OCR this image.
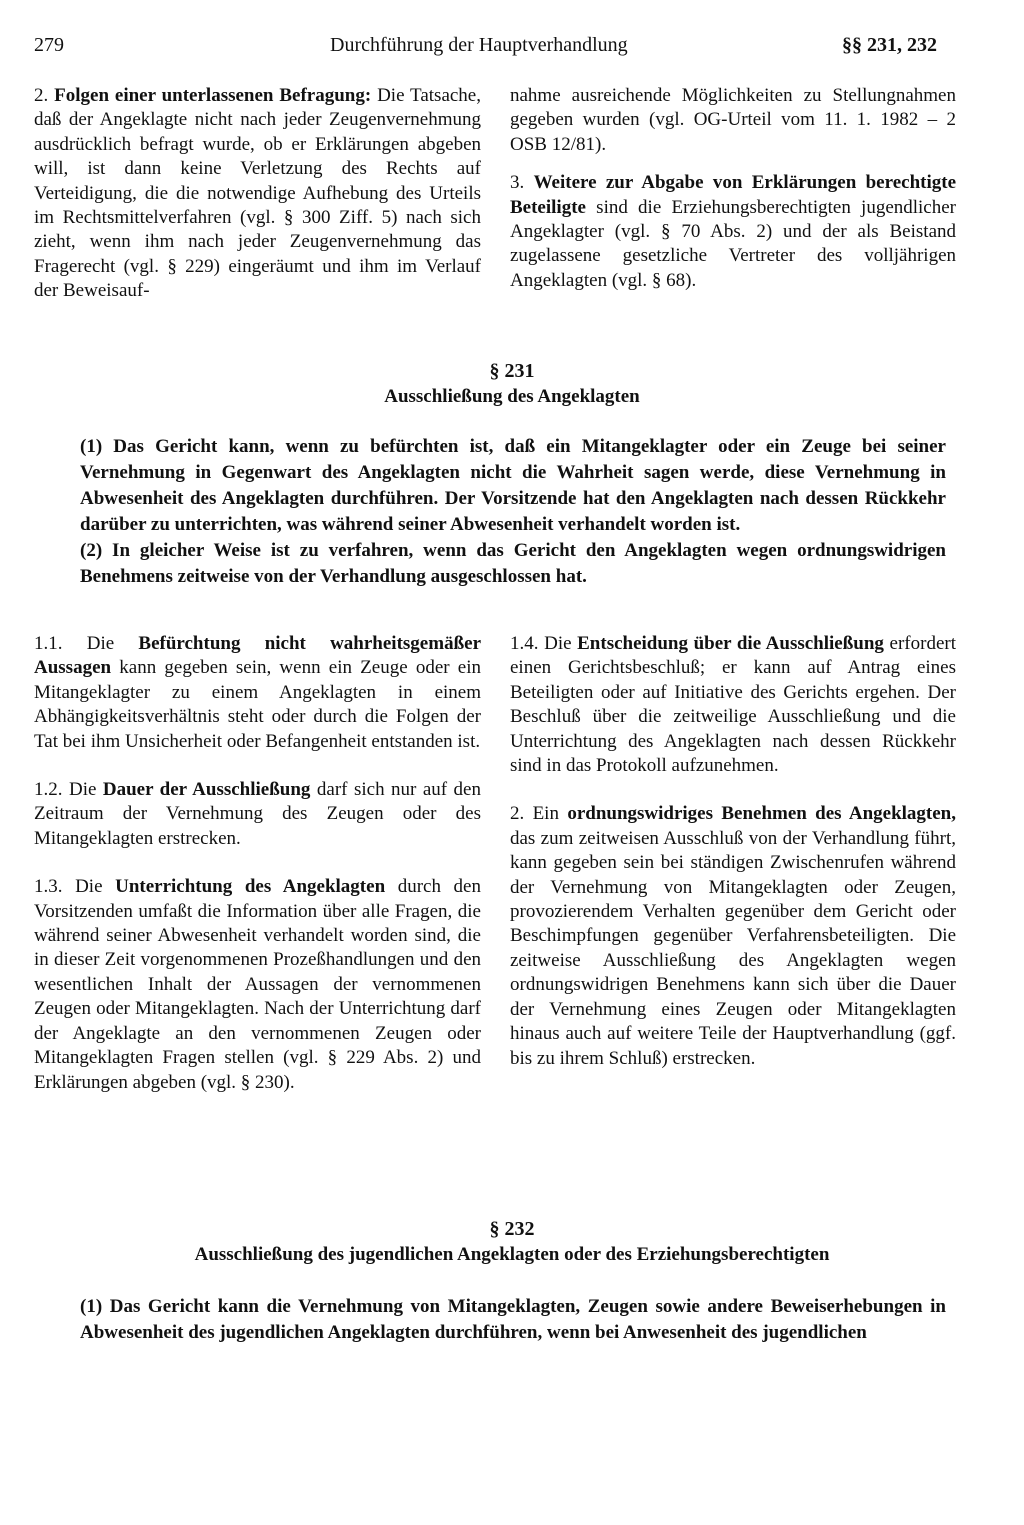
279	Durchführung der Hauptverhandlung	§§ 231, 232

2. Folgen einer unterlassenen Befragung: Die Tatsache, daß der Angeklagte nicht nach jeder Zeugenvernehmung ausdrücklich befragt wurde, ob er Erklärungen abgeben will, ist dann keine Verletzung des Rechts auf Verteidigung, die die notwendige Aufhebung des Urteils im Rechtsmittelverfahren (vgl. § 300 Ziff. 5) nach sich zieht, wenn ihm nach jeder Zeugenvernehmung das Fragerecht (vgl. § 229) eingeräumt und ihm im Verlauf der Beweisauf-

nahme ausreichende Möglichkeiten zu Stellungnahmen gegeben wurden (vgl. OG-Urteil vom 11. 1. 1982 – 2 OSB 12/81).

3. Weitere zur Abgabe von Erklärungen berechtigte Beteiligte sind die Erziehungsberechtigten jugendlicher Angeklagter (vgl. § 70 Abs. 2) und der als Beistand zugelassene gesetzliche Vertreter des volljährigen Angeklagten (vgl. § 68).

§ 231
Ausschließung des Angeklagten

(1) Das Gericht kann, wenn zu befürchten ist, daß ein Mitangeklagter oder ein Zeuge bei seiner Vernehmung in Gegenwart des Angeklagten nicht die Wahrheit sagen werde, diese Vernehmung in Abwesenheit des Angeklagten durchführen. Der Vorsitzende hat den Angeklagten nach dessen Rückkehr darüber zu unterrichten, was während seiner Abwesenheit verhandelt worden ist.

(2) In gleicher Weise ist zu verfahren, wenn das Gericht den Angeklagten wegen ordnungswidrigen Benehmens zeitweise von der Verhandlung ausgeschlossen hat.

1.1. Die Befürchtung nicht wahrheitsgemäßer Aussagen kann gegeben sein, wenn ein Zeuge oder ein Mitangeklagter zu einem Angeklagten in einem Abhängigkeitsverhältnis steht oder durch die Folgen der Tat bei ihm Unsicherheit oder Befangenheit entstanden ist.

1.2. Die Dauer der Ausschließung darf sich nur auf den Zeitraum der Vernehmung des Zeugen oder des Mitangeklagten erstrecken.

1.3. Die Unterrichtung des Angeklagten durch den Vorsitzenden umfaßt die Information über alle Fragen, die während seiner Abwesenheit verhandelt worden sind, die in dieser Zeit vorgenommenen Prozeßhandlungen und den wesentlichen Inhalt der Aussagen der vernommenen Zeugen oder Mitangeklagten. Nach der Unterrichtung darf der Angeklagte an den vernommenen Zeugen oder Mitangeklagten Fragen stellen (vgl. § 229 Abs. 2) und Erklärungen abgeben (vgl. § 230).

1.4. Die Entscheidung über die Ausschließung erfordert einen Gerichtsbeschluß; er kann auf Antrag eines Beteiligten oder auf Initiative des Gerichts ergehen. Der Beschluß über die zeitweilige Ausschließung und die Unterrichtung des Angeklagten nach dessen Rückkehr sind in das Protokoll aufzunehmen.

2. Ein ordnungswidriges Benehmen des Angeklagten, das zum zeitweisen Ausschluß von der Verhandlung führt, kann gegeben sein bei ständigen Zwischenrufen während der Vernehmung von Mitangeklagten oder Zeugen, provozierendem Verhalten gegenüber dem Gericht oder Beschimpfungen gegenüber Verfahrensbeteiligten. Die zeitweise Ausschließung des Angeklagten wegen ordnungswidrigen Benehmens kann sich über die Dauer der Vernehmung eines Zeugen oder Mitangeklagten hinaus auch auf weitere Teile der Hauptverhandlung (ggf. bis zu ihrem Schluß) erstrecken.

§ 232
Ausschließung des jugendlichen Angeklagten oder des Erziehungsberechtigten

(1) Das Gericht kann die Vernehmung von Mitangeklagten, Zeugen sowie andere Beweiserhebungen in Abwesenheit des jugendlichen Angeklagten durchführen, wenn bei Anwesenheit des jugendlichen
